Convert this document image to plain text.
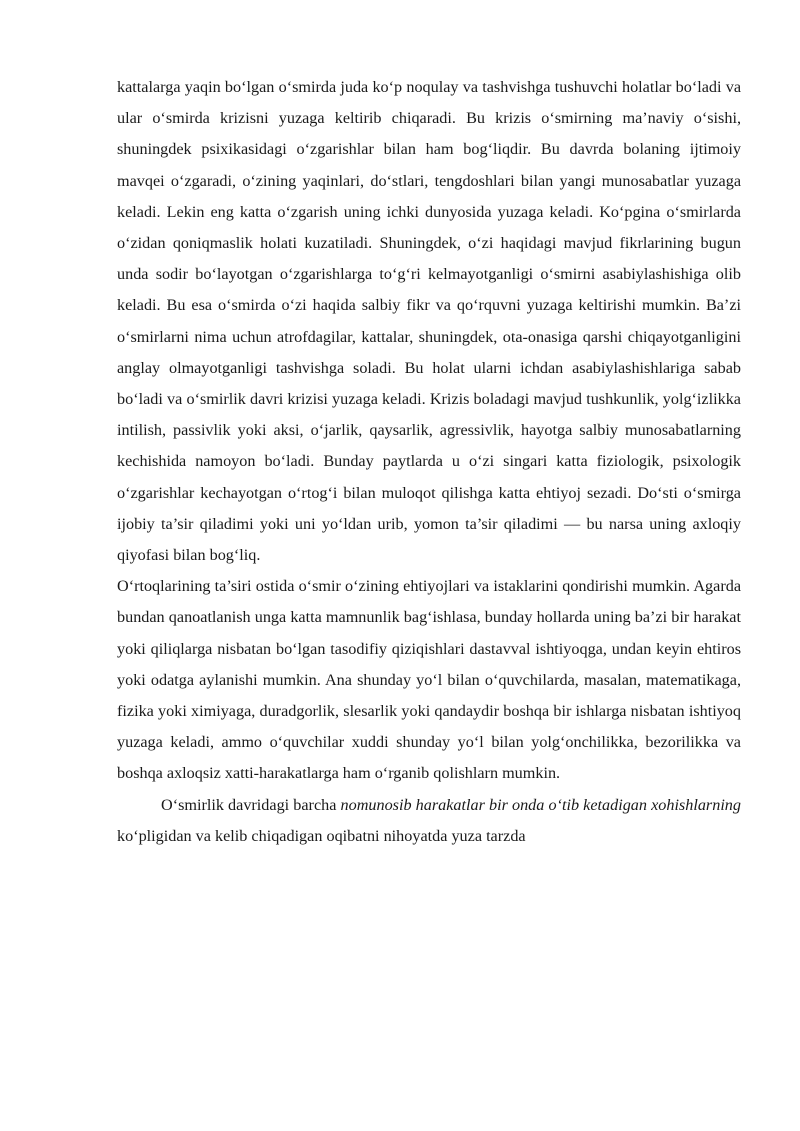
kattalarga yaqin bo‘lgan o‘smirda juda ko‘p noqulay va tashvishga tushuvchi holatlar bo‘ladi va ular o‘smirda krizisni yuzaga keltirib chiqaradi. Bu krizis o‘smirning ma’naviy o‘sishi, shuningdek psixikasidagi o‘zgarishlar bilan ham bog‘liqdir. Bu davrda bolaning ijtimoiy mavqei o‘zgaradi, o‘zining yaqinlari, do‘stlari, tengdoshlari bilan yangi munosabatlar yuzaga keladi. Lekin eng katta o‘zgarish uning ichki dunyosida yuzaga keladi. Ko‘pgina o‘smirlarda o‘zidan qoniqmaslik holati kuzatiladi. Shuningdek, o‘zi haqidagi mavjud fikrlarining bugun unda sodir bo‘layotgan o‘zgarishlarga to‘g‘ri kelmayotganligi o‘smirni asabiylashishiga olib keladi. Bu esa o‘smirda o‘zi haqida salbiy fikr va qo‘rquvni yuzaga keltirishi mumkin. Ba’zi o‘smirlarni nima uchun atrofdagilar, kattalar, shuningdek, ota-onasiga qarshi chiqayotganligini anglay olmayotganligi tashvishga soladi. Bu holat ularni ichdan asabiylashishlariga sabab bo‘ladi va o‘smirlik davri krizisi yuzaga keladi. Krizis boladagi mavjud tushkunlik, yolg‘izlikka intilish, passivlik yoki aksi, o‘jarlik, qaysarlik, agressivlik, hayotga salbiy munosabatlarning kechishida namoyon bo‘ladi. Bunday paytlarda u o‘zi singari katta fiziologik, psixologik o‘zgarishlar kechayotgan o‘rtog‘i bilan muloqot qilishga katta ehtiyoj sezadi. Do‘sti o‘smirga ijobiy ta’sir qiladimi yoki uni yo‘ldan urib, yomon ta’sir qiladimi — bu narsa uning axloqiy qiyofasi bilan bog‘liq.

O‘rtoqlarining ta’siri ostida o‘smir o‘zining ehtiyojlari va istaklarini qondirishi mumkin. Agarda bundan qanoatlanish unga katta mamnunlik bag‘ishlasa, bunday hollarda uning ba’zi bir harakat yoki qiliqlarga nisbatan bo‘lgan tasodifiy qiziqishlari dastavval ishtiyoqga, undan keyin ehtiros yoki odatga aylanishi mumkin. Ana shunday yo‘l bilan o‘quvchilarda, masalan, matematikaga, fizika yoki ximiyaga, duradgorlik, slesarlik yoki qandaydir boshqa bir ishlarga nisbatan ishtiyoq yuzaga keladi, ammo o‘quvchilar xuddi shunday yo‘l bilan yolg‘onchilikka, bezorilikka va boshqa axloqsiz xatti-harakatlarga ham o‘rganib qolishlarn mumkin.

O‘smirlik davridagi barcha nomunosib harakatlar bir onda o‘tib ketadigan xohishlarning ko‘pligidan va kelib chiqadigan oqibatni nihoyatda yuza tarzda
